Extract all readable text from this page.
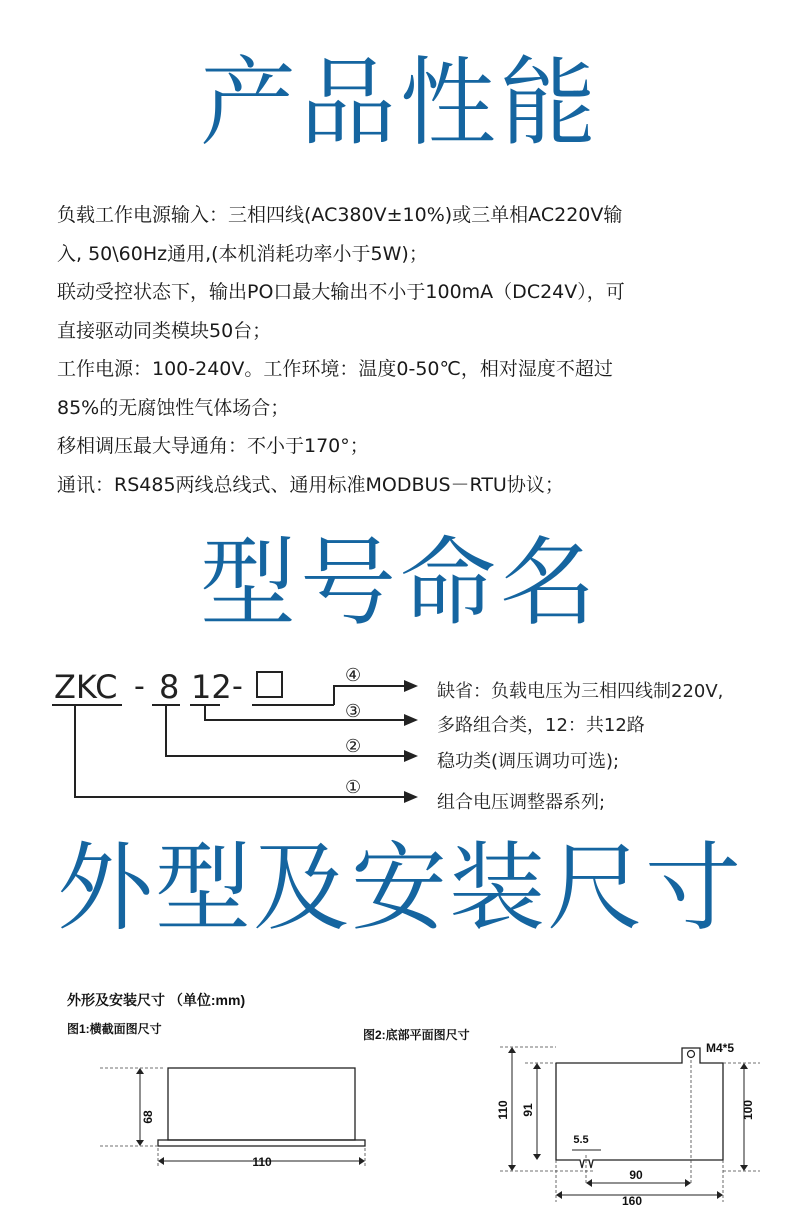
产品性能
负载工作电源输入：三相四线(AC380V±10%)或三单相AC220V输
入, 50\60Hz通用,(本机消耗功率小于5W)；
联动受控状态下，输出PO口最大输出不小于100mA（DC24V），可
直接驱动同类模块50台；
工作电源：100-240V。工作环境：温度0-50℃，相对湿度不超过
85%的无腐蚀性气体场合；
移相调压最大导通角：不小于170°；
通讯：RS485两线总线式、通用标准MODBUS－RTU协议；
型号命名
ZKC - 8 12 -	④
③
②
①
缺省：负载电压为三相四线制220V,
多路组合类，12：共12路
稳功类(调压调功可选);
组合电压调整器系列;
外型及安装尺寸
外形及安装尺寸 （单位:mm)
图1:横截面图尺寸	图2:底部平面图尺寸
68
110
M4*5
110 91	100
5.5
90
160
